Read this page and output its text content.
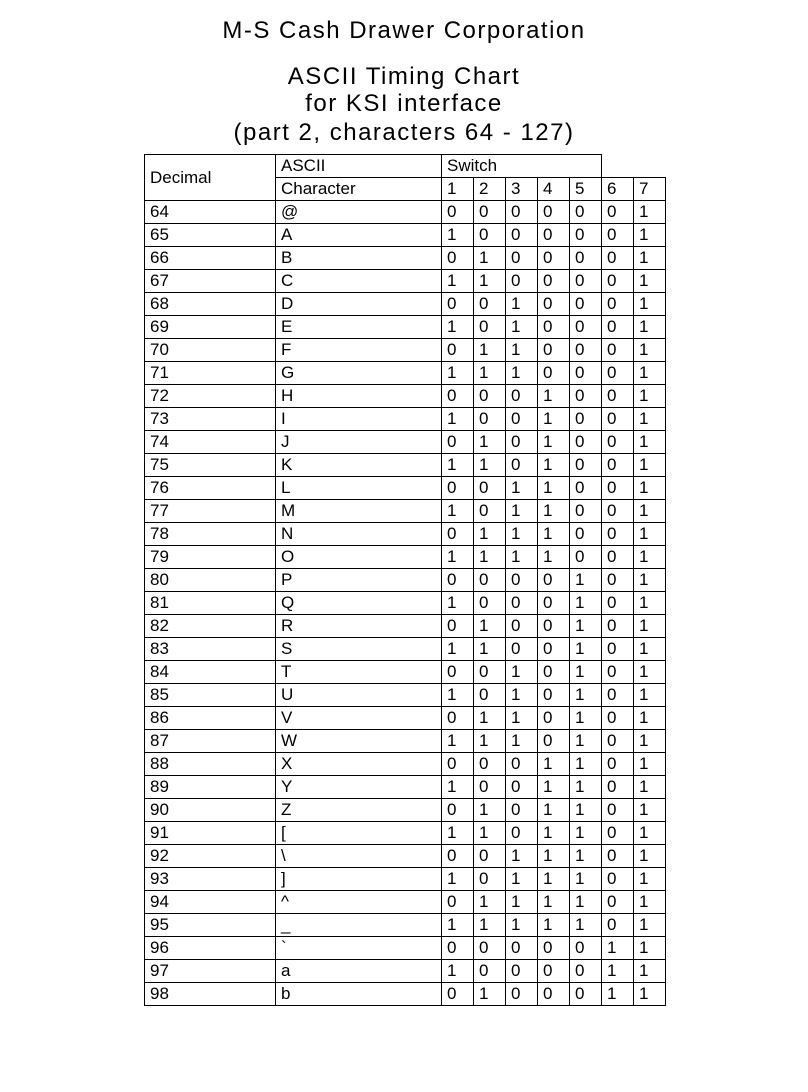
M-S Cash Drawer Corporation
ASCII Timing Chart
for KSI interface
(part 2, characters 64 - 127)
Decimal	ASCII	Switch						
	Character	1	2	3	4	5	6	7
64	@	0	0	0	0	0	0	1
65	A	1	0	0	0	0	0	1
66	B	0	1	0	0	0	0	1
67	C	1	1	0	0	0	0	1
68	D	0	0	1	0	0	0	1
69	E	1	0	1	0	0	0	1
70	F	0	1	1	0	0	0	1
71	G	1	1	1	0	0	0	1
72	H	0	0	0	1	0	0	1
73	I	1	0	0	1	0	0	1
74	J	0	1	0	1	0	0	1
75	K	1	1	0	1	0	0	1
76	L	0	0	1	1	0	0	1
77	M	1	0	1	1	0	0	1
78	N	0	1	1	1	0	0	1
79	O	1	1	1	1	0	0	1
80	P	0	0	0	0	1	0	1
81	Q	1	0	0	0	1	0	1
82	R	0	1	0	0	1	0	1
83	S	1	1	0	0	1	0	1
84	T	0	0	1	0	1	0	1
85	U	1	0	1	0	1	0	1
86	V	0	1	1	0	1	0	1
87	W	1	1	1	0	1	0	1
88	X	0	0	0	1	1	0	1
89	Y	1	0	0	1	1	0	1
90	Z	0	1	0	1	1	0	1
91	[	1	1	0	1	1	0	1
92	\	0	0	1	1	1	0	1
93	]	1	0	1	1	1	0	1
94	^	0	1	1	1	1	0	1
95	_	1	1	1	1	1	0	1
96	`	0	0	0	0	0	1	1
97	a	1	0	0	0	0	1	1
98	b	0	1	0	0	0	1	1
